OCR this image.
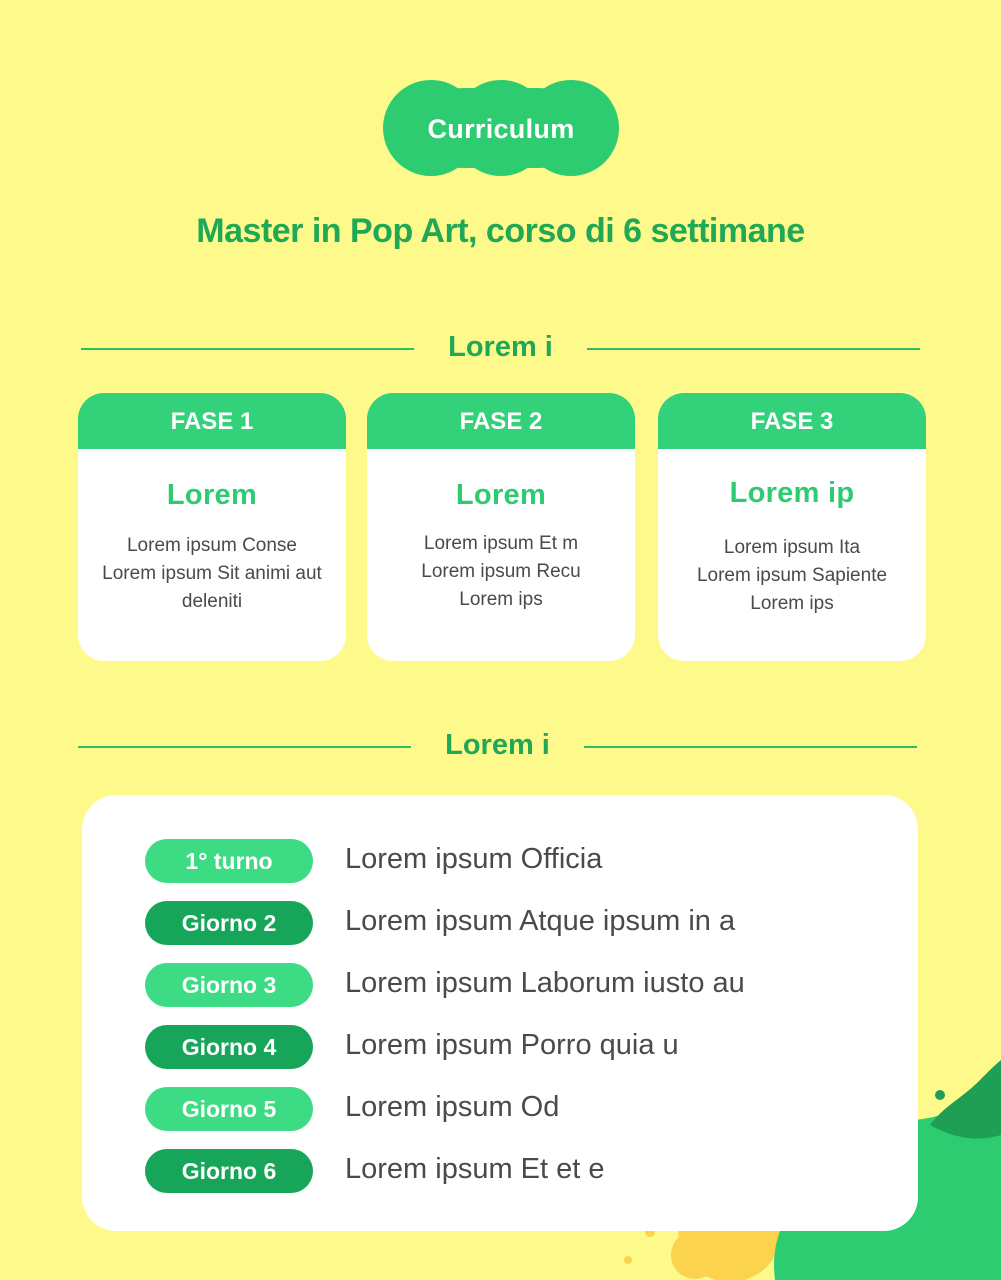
Curriculum
Master in Pop Art, corso di 6 settimane
Lorem i
FASE 1
Lorem
Lorem ipsum Conse
Lorem ipsum Sit animi aut
deleniti
FASE 2
Lorem
Lorem ipsum Et m
Lorem ipsum Recu
Lorem ips
FASE 3
Lorem ip
Lorem ipsum Ita
Lorem ipsum Sapiente
Lorem ips
Lorem i
1° turno	Lorem ipsum Officia
Giorno 2	Lorem ipsum Atque ipsum in a
Giorno 3	Lorem ipsum Laborum iusto au
Giorno 4	Lorem ipsum Porro quia u
Giorno 5	Lorem ipsum Od
Giorno 6	Lorem ipsum Et et e
